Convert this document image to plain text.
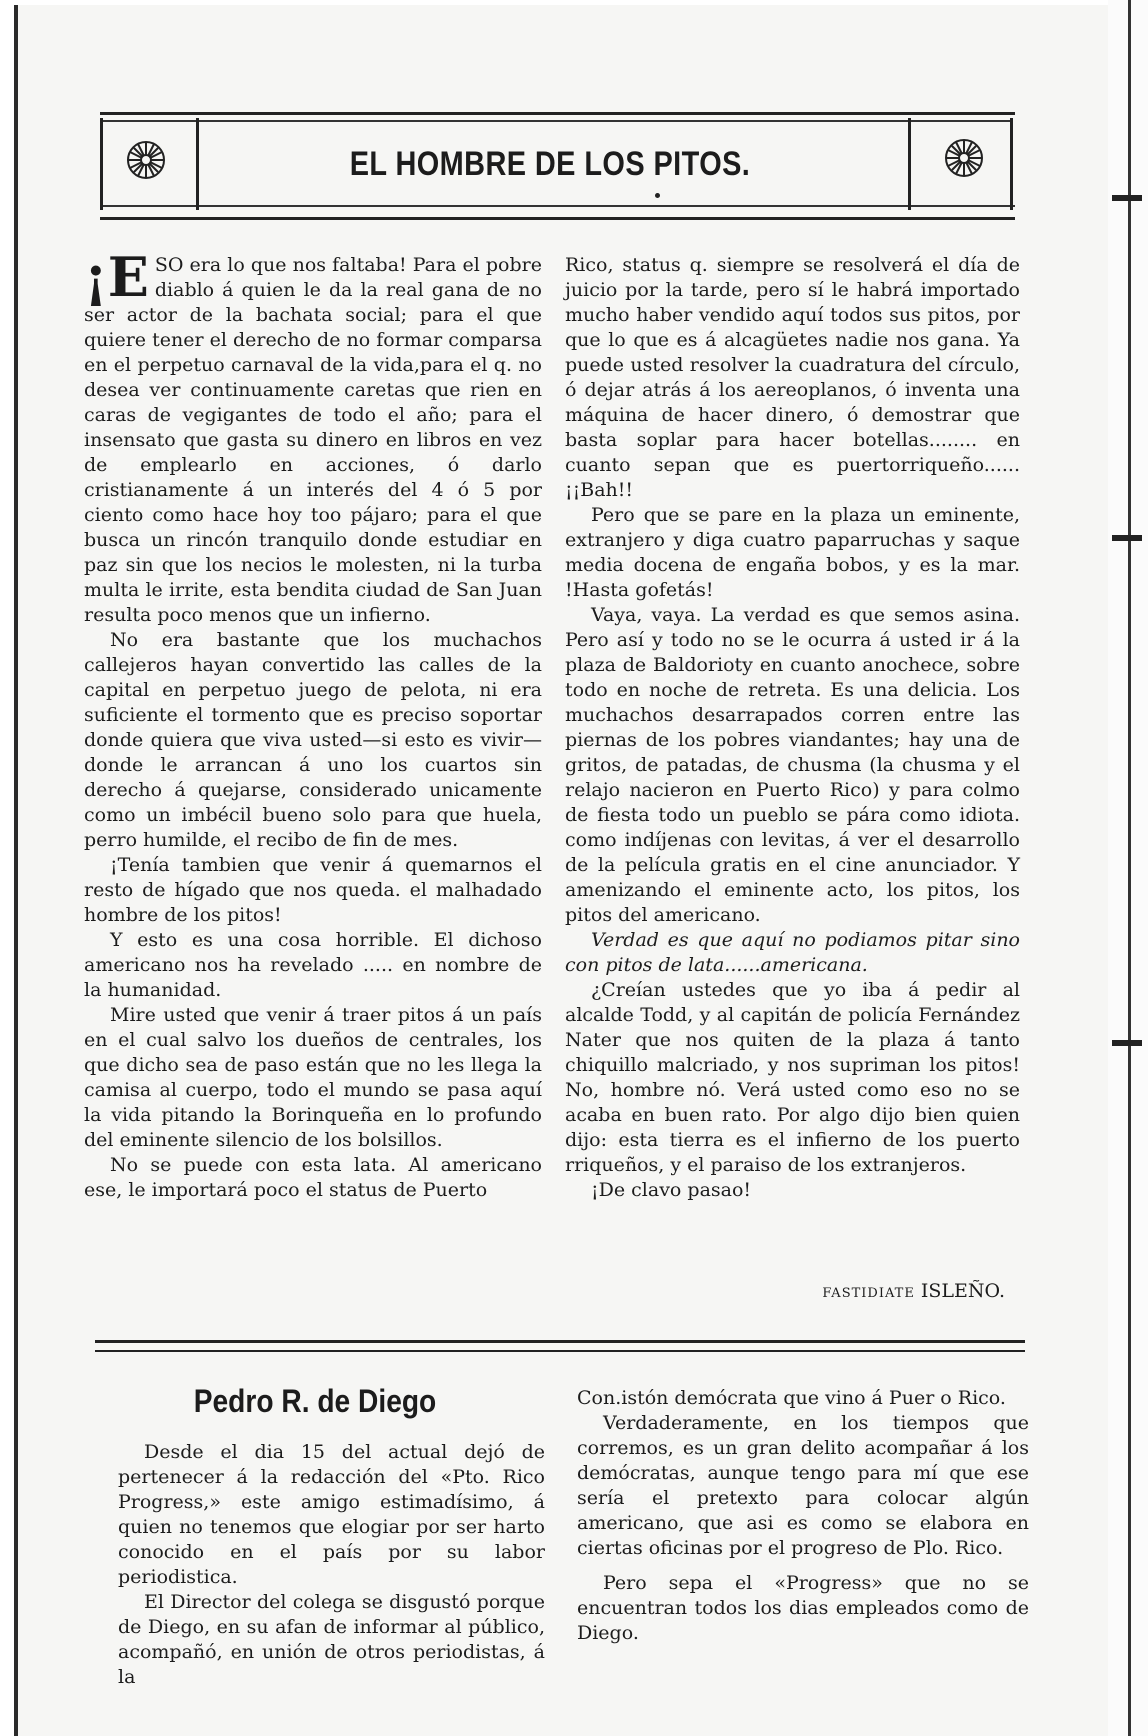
EL HOMBRE DE LOS PITOS.

¡E SO era lo que nos faltaba! Para el pobre diablo á quien le da la real gana de no ser actor de la bachata social; para el que quiere tener el derecho de no formar comparsa en el perpetuo carnaval de la vida,para el q. no desea ver continuamente caretas que rien en caras de vegigantes de todo el año; para el insensato que gasta su dinero en libros en vez de emplearlo en acciones, ó darlo cristianamente á un interés del 4 ó 5 por ciento como hace hoy too pájaro; para el que busca un rincón tranquilo donde estudiar en paz sin que los necios le molesten, ni la turba multa le irrite, esta bendita ciudad de San Juan resulta poco menos que un infierno.

No era bastante que los muchachos callejeros hayan convertido las calles de la capital en perpetuo juego de pelota, ni era suficiente el tormento que es preciso soportar donde quiera que viva usted—si esto es vivir—donde le arrancan á uno los cuartos sin derecho á quejarse, considerado unicamente como un imbécil bueno solo para que huela, perro humilde, el recibo de fin de mes.

¡Tenía tambien que venir á quemarnos el resto de hígado que nos queda. el malhadado hombre de los pitos!

Y esto es una cosa horrible. El dichoso americano nos ha revelado ..... en nombre de la humanidad.

Mire usted que venir á traer pitos á un país en el cual salvo los dueños de centrales, los que dicho sea de paso están que no les llega la camisa al cuerpo, todo el mundo se pasa aquí la vida pitando la Borinqueña en lo profundo del eminente silencio de los bolsillos.

No se puede con esta lata. Al americano ese, le importará poco el status de Puerto

Rico, status q. siempre se resolverá el día de juicio por la tarde, pero sí le habrá importado mucho haber vendido aquí todos sus pitos, por que lo que es á alcagüetes nadie nos gana. Ya puede usted resolver la cuadratura del círculo, ó dejar atrás á los aereoplanos, ó inventa una máquina de hacer dinero, ó demostrar que basta soplar para hacer botellas........ en cuanto sepan que es puertorriqueño...... ¡¡Bah!!

Pero que se pare en la plaza un eminente, extranjero y diga cuatro paparruchas y saque media docena de engaña bobos, y es la mar. !Hasta gofetás!

Vaya, vaya. La verdad es que semos asina. Pero así y todo no se le ocurra á usted ir á la plaza de Baldorioty en cuanto anochece, sobre todo en noche de retreta. Es una delicia. Los muchachos desarrapados corren entre las piernas de los pobres viandantes; hay una de gritos, de patadas, de chusma (la chusma y el relajo nacieron en Puerto Rico) y para colmo de fiesta todo un pueblo se pára como idiota. como indíjenas con levitas, á ver el desarrollo de la película gratis en el cine anunciador. Y amenizando el eminente acto, los pitos, los pitos del americano.

Verdad es que aquí no podiamos pitar sino con pitos de lata......americana.

¿Creían ustedes que yo iba á pedir al alcalde Todd, y al capitán de policía Fernández Nater que nos quiten de la plaza á tanto chiquillo malcriado, y nos supriman los pitos! No, hombre nó. Verá usted como eso no se acaba en buen rato. Por algo dijo bien quien dijo: esta tierra es el infierno de los puerto rriqueños, y el paraiso de los extranjeros.

¡De clavo pasao!

FASTIDIATE ISLEÑO.
Pedro R. de Diego

Desde el dia 15 del actual dejó de pertenecer á la redacción del «Pto. Rico Progress,» este amigo estimadísimo, á quien no tenemos que elogiar por ser harto conocido en el país por su labor periodistica.

El Director del colega se disgustó porque de Diego, en su afan de informar al público, acompañó, en unión de otros periodistas, á la

Con.istón demócrata que vino á Puer o Rico.

Verdaderamente, en los tiempos que corremos, es un gran delito acompañar á los demócratas, aunque tengo para mí que ese sería el pretexto para colocar algún americano, que asi es como se elabora en ciertas oficinas por el progreso de Plo. Rico.

Pero sepa el «Progress» que no se encuentran todos los dias empleados como de Diego.
